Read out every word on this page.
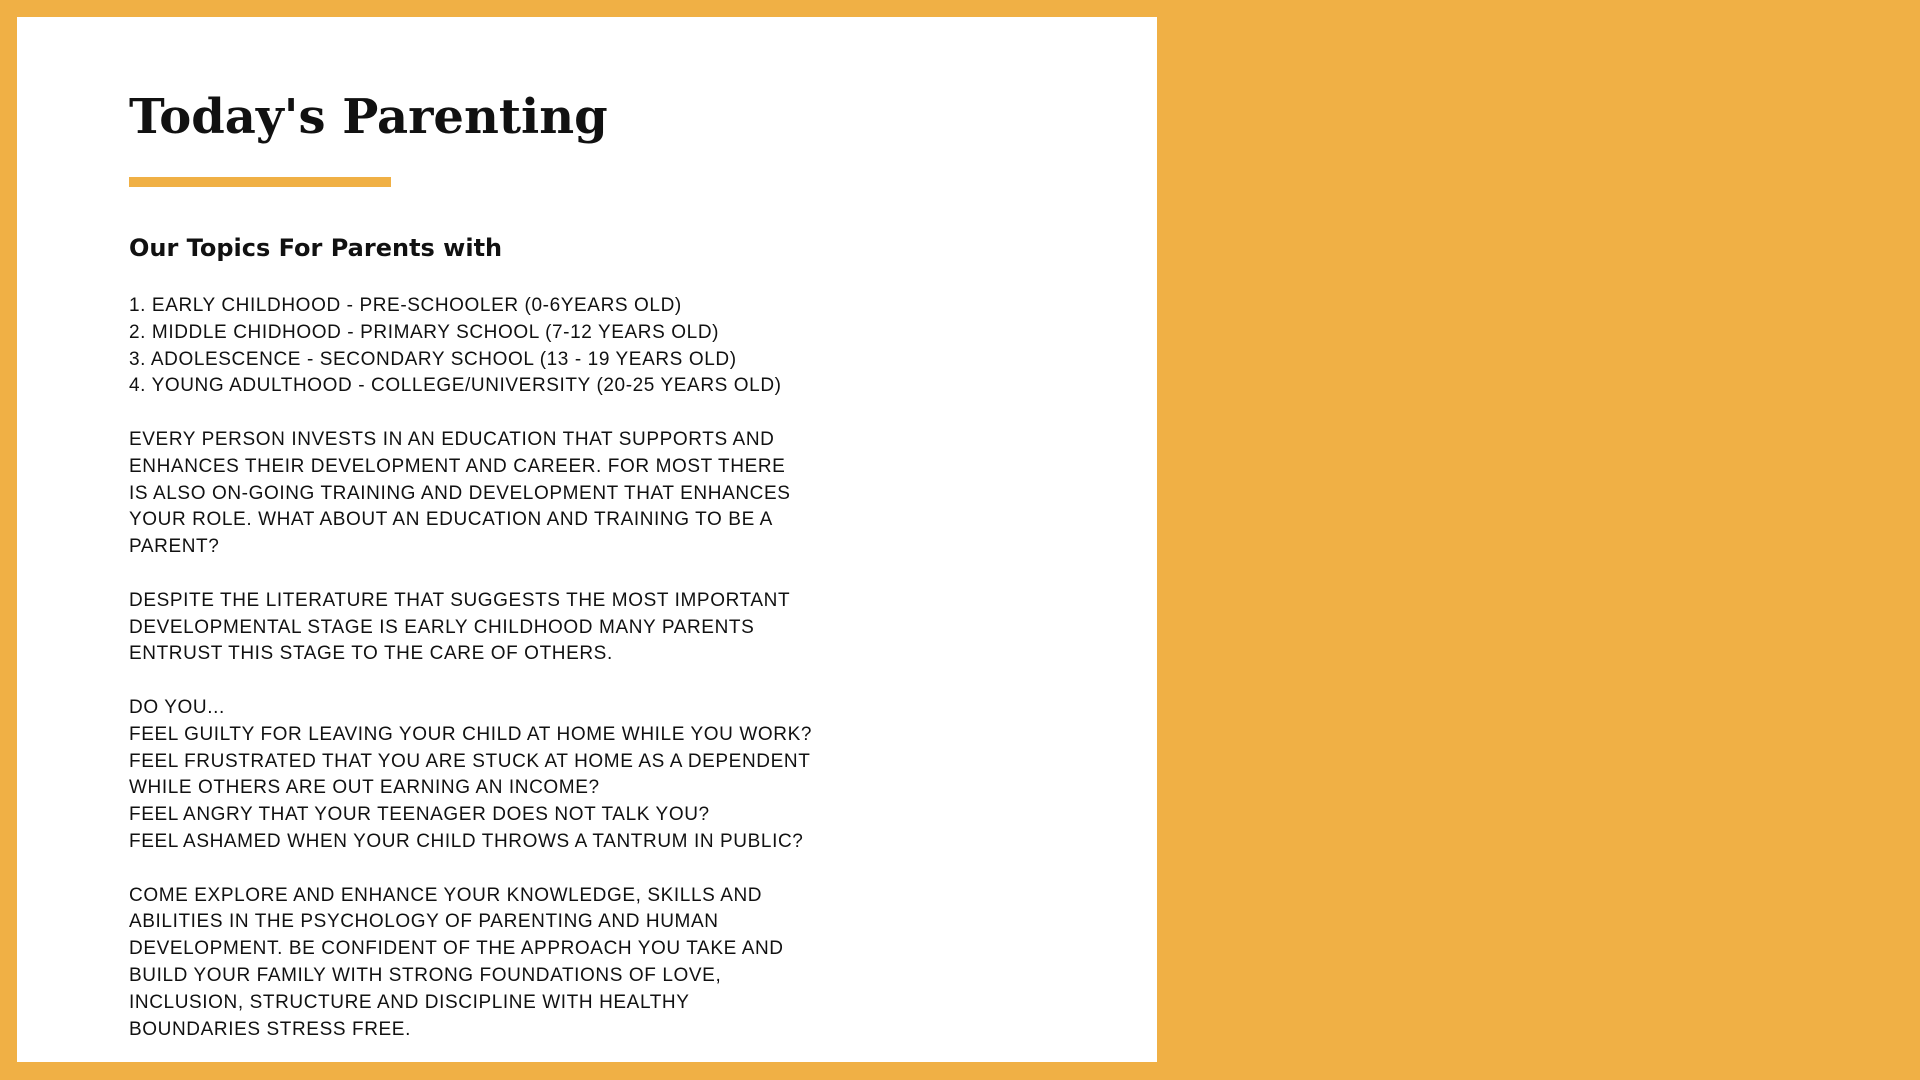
Today's Parenting
Our Topics For Parents with
1. EARLY CHILDHOOD - PRE-SCHOOLER (0-6YEARS OLD)
2. MIDDLE CHIDHOOD - PRIMARY SCHOOL (7-12 YEARS OLD)
3. ADOLESCENCE - SECONDARY SCHOOL (13 - 19 YEARS OLD)
4. YOUNG ADULTHOOD - COLLEGE/UNIVERSITY (20-25 YEARS OLD)
EVERY PERSON INVESTS IN AN EDUCATION THAT SUPPORTS AND
ENHANCES THEIR DEVELOPMENT AND CAREER. FOR MOST THERE
IS ALSO ON-GOING TRAINING AND DEVELOPMENT THAT ENHANCES
YOUR ROLE. WHAT ABOUT AN EDUCATION AND TRAINING TO BE A
PARENT?
DESPITE THE LITERATURE THAT SUGGESTS THE MOST IMPORTANT
DEVELOPMENTAL STAGE IS EARLY CHILDHOOD MANY PARENTS
ENTRUST THIS STAGE TO THE CARE OF OTHERS.
DO YOU...
FEEL GUILTY FOR LEAVING YOUR CHILD AT HOME WHILE YOU WORK?
FEEL FRUSTRATED THAT YOU ARE STUCK AT HOME AS A DEPENDENT
WHILE OTHERS ARE OUT EARNING AN INCOME?
FEEL ANGRY THAT YOUR TEENAGER DOES NOT TALK YOU?
FEEL ASHAMED WHEN YOUR CHILD THROWS A TANTRUM IN PUBLIC?
COME EXPLORE AND ENHANCE YOUR KNOWLEDGE, SKILLS AND
ABILITIES IN THE PSYCHOLOGY OF PARENTING AND HUMAN
DEVELOPMENT. BE CONFIDENT OF THE APPROACH YOU TAKE AND
BUILD YOUR FAMILY WITH STRONG FOUNDATIONS OF LOVE,
INCLUSION, STRUCTURE AND DISCIPLINE WITH HEALTHY
BOUNDARIES STRESS FREE.
